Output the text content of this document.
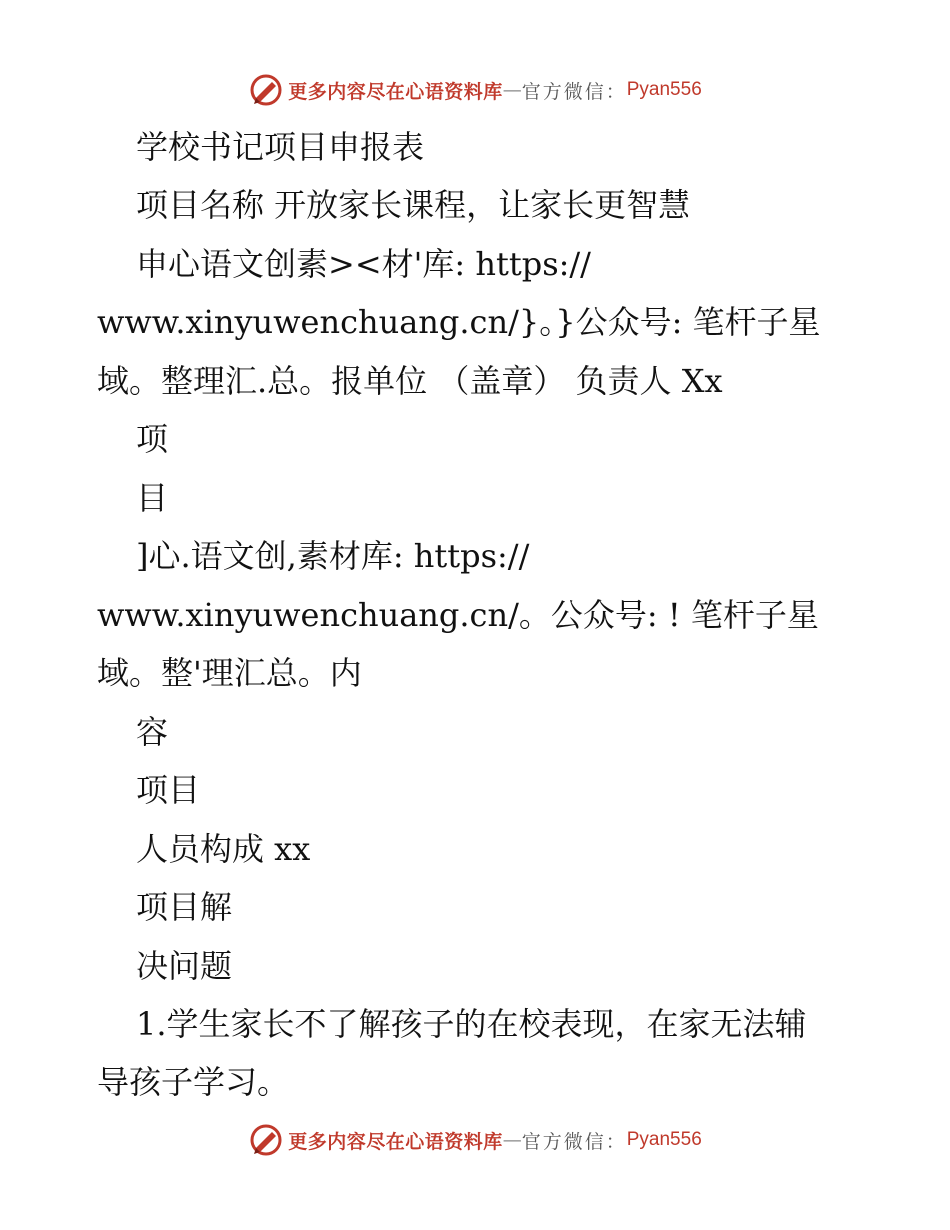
更多内容尽在心语资料库 — 官方微信： Pyan556
学校书记项目申报表
项目名称 开放家长课程，让家长更智慧
申心语文创素><材'库: https://
www.xinyuwenchuang.cn/}。}公众号: 笔杆子星
域。整理汇.总。报单位 （盖章） 负责人 Xx
项
目
]心.语文创,素材库: https://
www.xinyuwenchuang.cn/。公众号: ! 笔杆子星
域。整'理汇总。内
容
项目
人员构成 xx
项目解
决问题
1.学生家长不了解孩子的在校表现，在家无法辅
导孩子学习。
更多内容尽在心语资料库 — 官方微信： Pyan556
